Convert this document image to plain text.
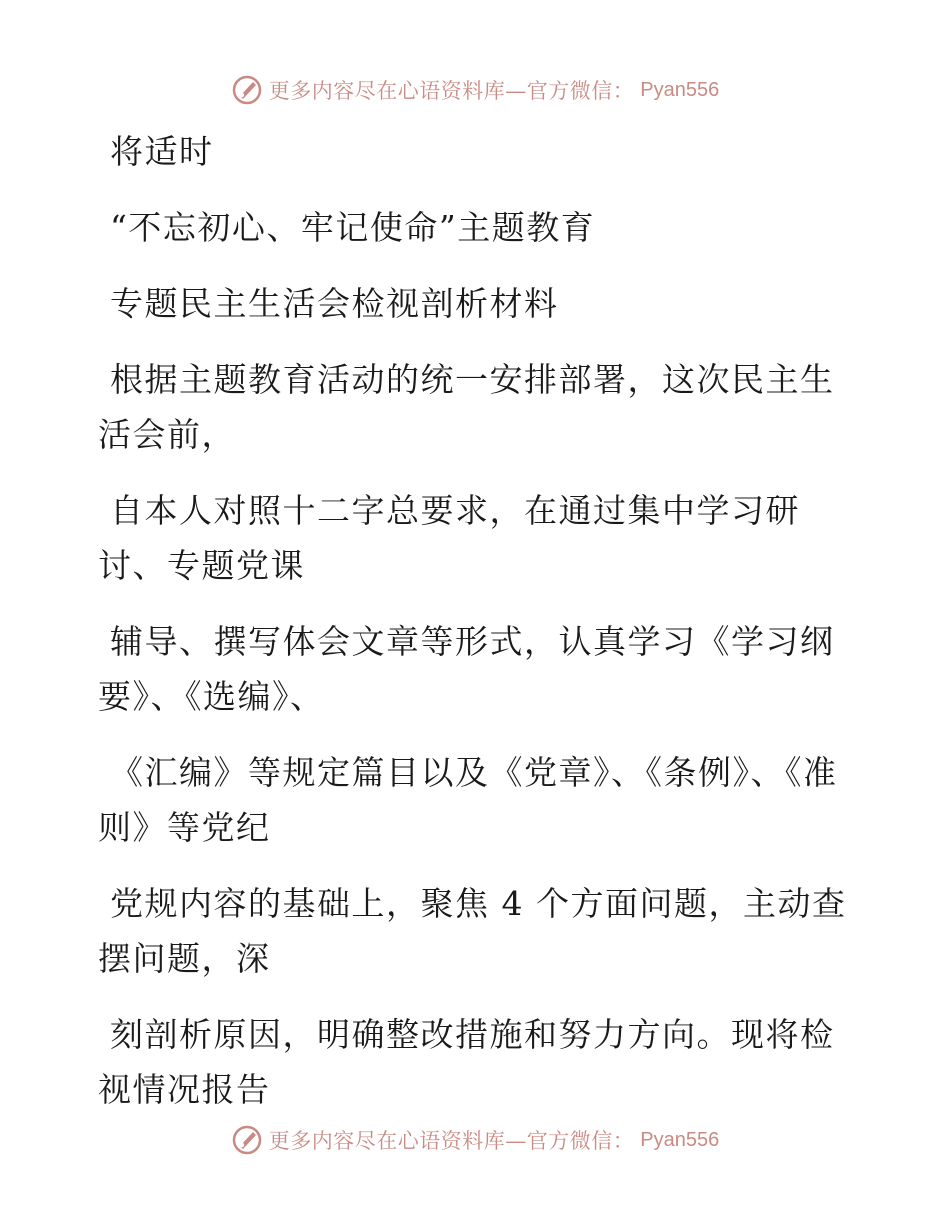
更多内容尽在心语资料库—官方微信： Pyan556

将适时

“不忘初心、牢记使命”主题教育

专题民主生活会检视剖析材料

根据主题教育活动的统一安排部署，这次民主生活会前，

自本人对照十二字总要求，在通过集中学习研讨、专题党课

辅导、撰写体会文章等形式，认真学习《学习纲要》、《选编》、

《汇编》等规定篇目以及《党章》、《条例》、《准则》等党纪

党规内容的基础上，聚焦 4 个方面问题，主动查摆问题，深

刻剖析原因，明确整改措施和努力方向。现将检视情况报告

更多内容尽在心语资料库—官方微信： Pyan556
